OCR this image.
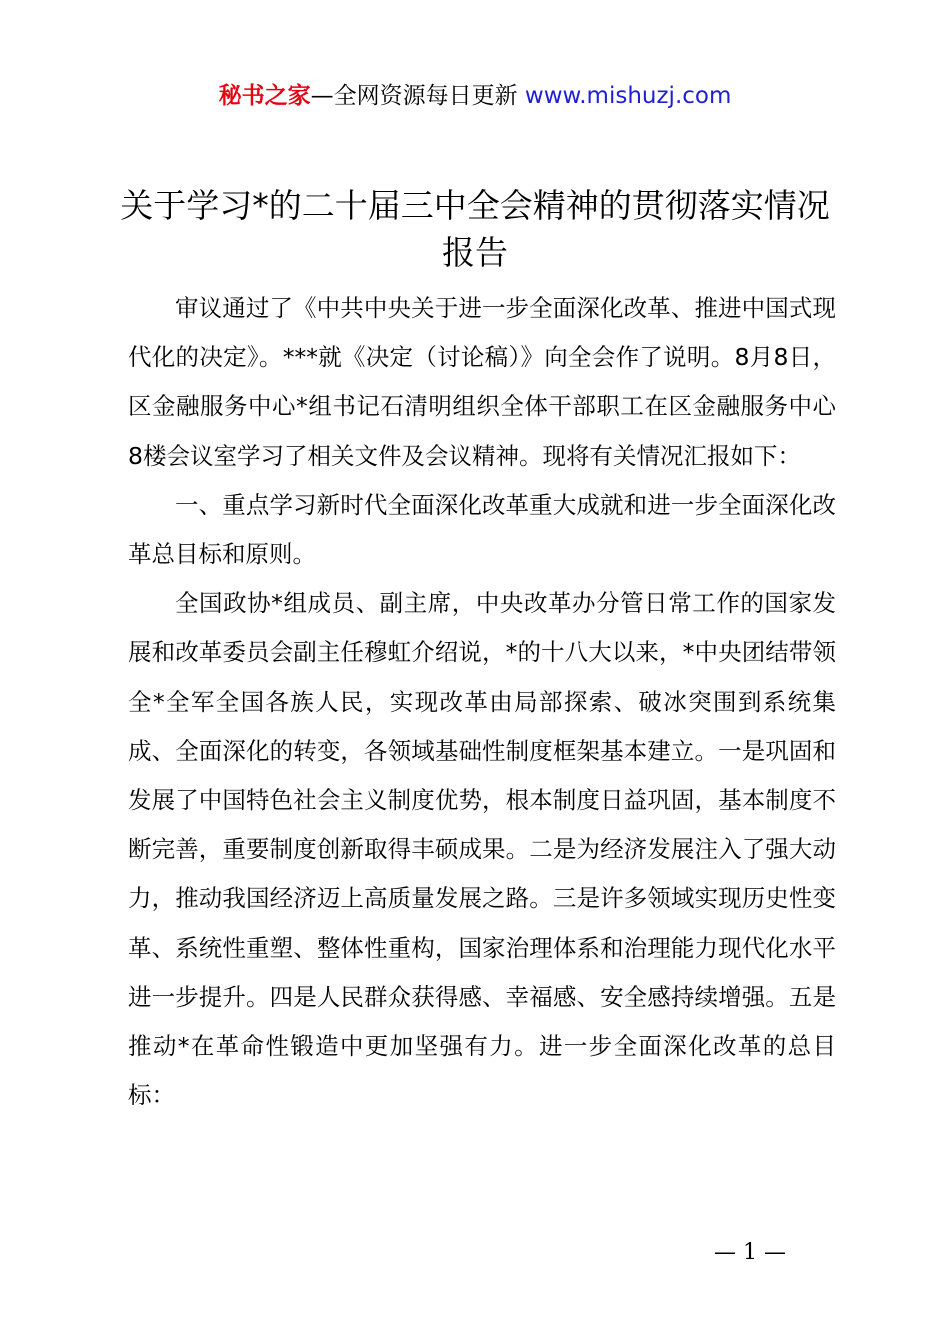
秘书之家—全网资源每日更新 www.mishuzj.com
关于学习*的二十届三中全会精神的贯彻落实情况报告

审议通过了《中共中央关于进一步全面深化改革、推进中国式现代化的决定》。***就《决定（讨论稿）》向全会作了说明。8月8日，区金融服务中心*组书记石清明组织全体干部职工在区金融服务中心8楼会议室学习了相关文件及会议精神。现将有关情况汇报如下：

一、重点学习新时代全面深化改革重大成就和进一步全面深化改革总目标和原则。

全国政协*组成员、副主席，中央改革办分管日常工作的国家发展和改革委员会副主任穆虹介绍说，*的十八大以来，*中央团结带领全*全军全国各族人民，实现改革由局部探索、破冰突围到系统集成、全面深化的转变，各领域基础性制度框架基本建立。一是巩固和发展了中国特色社会主义制度优势，根本制度日益巩固，基本制度不断完善，重要制度创新取得丰硕成果。二是为经济发展注入了强大动力，推动我国经济迈上高质量发展之路。三是许多领域实现历史性变革、系统性重塑、整体性重构，国家治理体系和治理能力现代化水平进一步提升。四是人民群众获得感、幸福感、安全感持续增强。五是推动*在革命性锻造中更加坚强有力。进一步全面深化改革的总目标：

— 1 —
